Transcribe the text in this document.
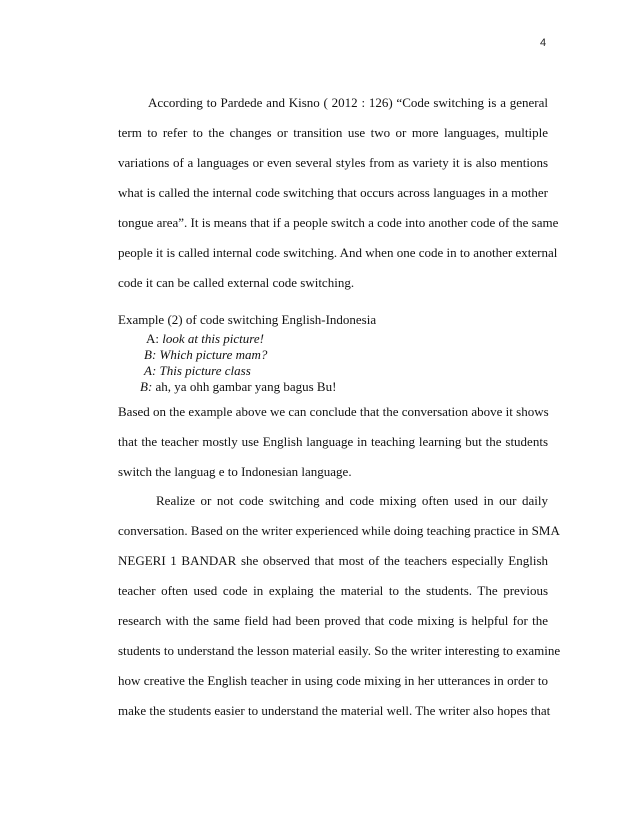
4
According to Pardede and Kisno ( 2012 : 126) “Code switching is a general
term to refer to the changes or transition use two or more languages, multiple
variations of a languages or even several styles from as variety it is also mentions
what is called the internal code switching that occurs across languages in a mother
tongue area”. It is means that if a people switch a code into another code of the same
people it is called internal code switching. And when one code in to another external
code it can be called external code switching.
Example (2) of code switching English-Indonesia
A: look at this picture!
B: Which picture mam?
A: This picture class
B: ah, ya ohh gambar yang bagus Bu!
Based on the example above we can conclude that the conversation above it shows
that the teacher mostly use English language in teaching learning but the students
switch the languag e to Indonesian language.
Realize or not code switching and code mixing often used in our daily
conversation. Based on the writer experienced while doing teaching practice in SMA
NEGERI 1 BANDAR she observed that most of the teachers especially English
teacher often used code in explaing the material to the students. The previous
research with the same field had been proved that code mixing is helpful for the
students to understand the lesson material easily. So the writer interesting to examine
how creative the English teacher in using code mixing in her utterances in order to
make the students easier to understand the material well. The writer also hopes that
